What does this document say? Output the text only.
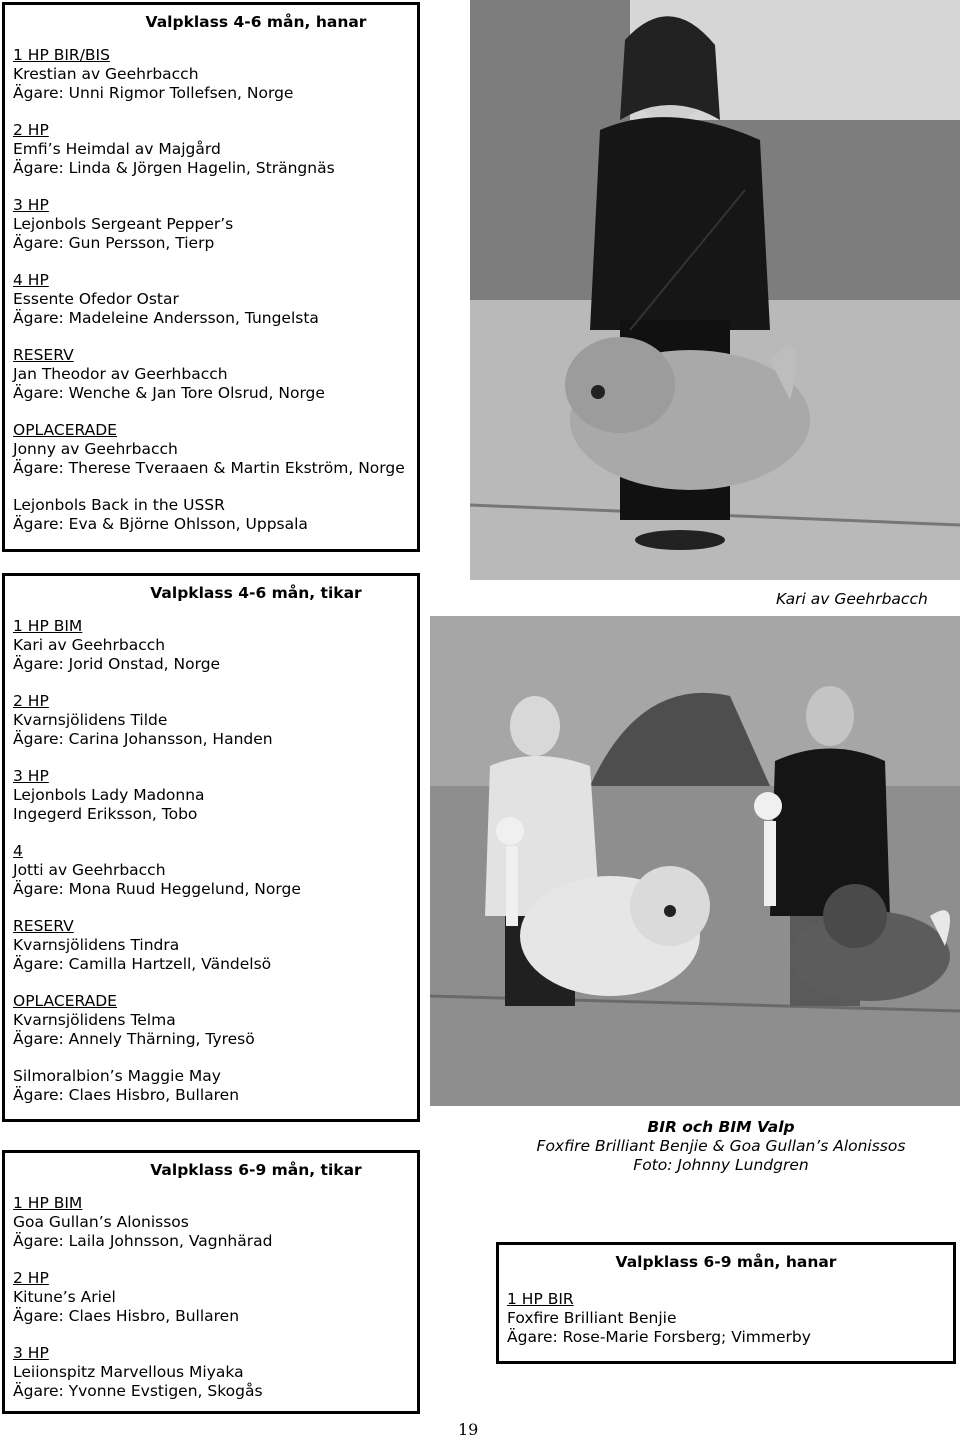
Valpklass 4-6 mån, hanar
1 HP BIR/BIS
Krestian av Geehrbacch
Ägare: Unni Rigmor Tollefsen, Norge
2 HP
Emfi’s Heimdal av Majgård
Ägare: Linda & Jörgen Hagelin, Strängnäs
3 HP
Lejonbols Sergeant Pepper’s
Ägare: Gun Persson, Tierp
4 HP
Essente Ofedor Ostar
Ägare: Madeleine Andersson, Tungelsta
RESERV
Jan Theodor av Geerhbacch
Ägare: Wenche & Jan Tore Olsrud, Norge
OPLACERADE
Jonny av Geehrbacch
Ägare: Therese Tveraaen & Martin Ekström, Norge
Lejonbols Back in the USSR
Ägare: Eva & Björne Ohlsson, Uppsala
Valpklass 4-6 mån, tikar
1 HP BIM
Kari av Geehrbacch
Ägare: Jorid Onstad, Norge
2 HP
Kvarnsjölidens Tilde
Ägare: Carina Johansson, Handen
3 HP
Lejonbols Lady Madonna
Ingegerd Eriksson, Tobo
4
Jotti av Geehrbacch
Ägare: Mona Ruud Heggelund, Norge
RESERV
Kvarnsjölidens Tindra
Ägare: Camilla Hartzell, Vändelsö
OPLACERADE
Kvarnsjölidens Telma
Ägare: Annely Thärning, Tyresö
Silmoralbion’s Maggie May
Ägare: Claes Hisbro, Bullaren
Valpklass 6-9 mån, tikar
1 HP BIM
Goa Gullan’s Alonissos
Ägare: Laila Johnsson, Vagnhärad
2 HP
Kitune’s Ariel
Ägare: Claes Hisbro, Bullaren
3 HP
Leiionspitz Marvellous Miyaka
Ägare: Yvonne Evstigen, Skogås
Valpklass 6-9 mån, hanar
1 HP BIR
Foxfire Brilliant Benjie
Ägare: Rose-Marie Forsberg; Vimmerby
Kari av Geehrbacch
BIR och BIM Valp
Foxfire Brilliant Benjie & Goa Gullan’s Alonissos
Foto: Johnny Lundgren
19
